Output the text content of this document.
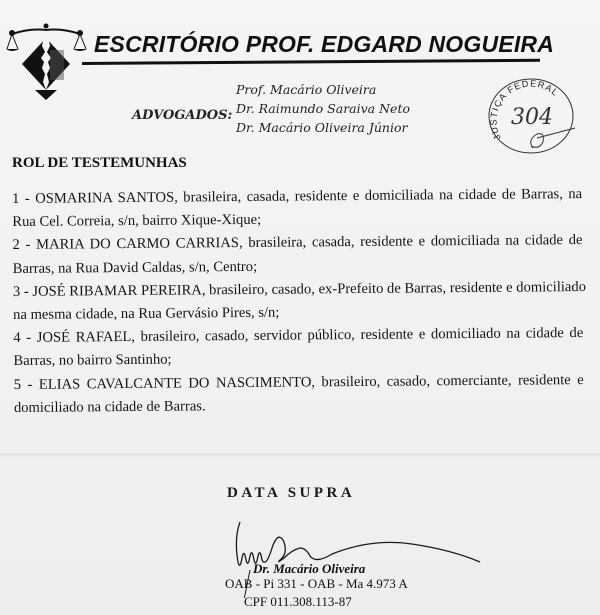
ESCRITÓRIO PROF. EDGARD NOGUEIRA
ADVOGADOS:
Prof. Macário Oliveira
Dr. Raimundo Saraiva Neto
Dr. Macário Oliveira Júnior
JUSTIÇA FEDERAL
304
ROL DE TESTEMUNHAS
1 - OSMARINA SANTOS, brasileira, casada, residente e domiciliada na cidade de Barras, na
Rua Cel. Correia, s/n, bairro Xique-Xique;
2 - MARIA DO CARMO CARRIAS, brasileira, casada, residente e domiciliada na cidade de
Barras, na Rua David Caldas, s/n, Centro;
3 - JOSÉ RIBAMAR PEREIRA, brasileiro, casado, ex-Prefeito de Barras, residente e domiciliado
na mesma cidade, na Rua Gervásio Pires, s/n;
4 - JOSÉ RAFAEL, brasileiro, casado, servidor público, residente e domiciliado na cidade de
Barras, no bairro Santinho;
5 - ELIAS CAVALCANTE DO NASCIMENTO, brasileiro, casado, comerciante, residente e
domiciliado na cidade de Barras.
DATA SUPRA
Dr. Macário Oliveira
OAB - Pi 331 - OAB - Ma 4.973 A
CPF 011.308.113-87
